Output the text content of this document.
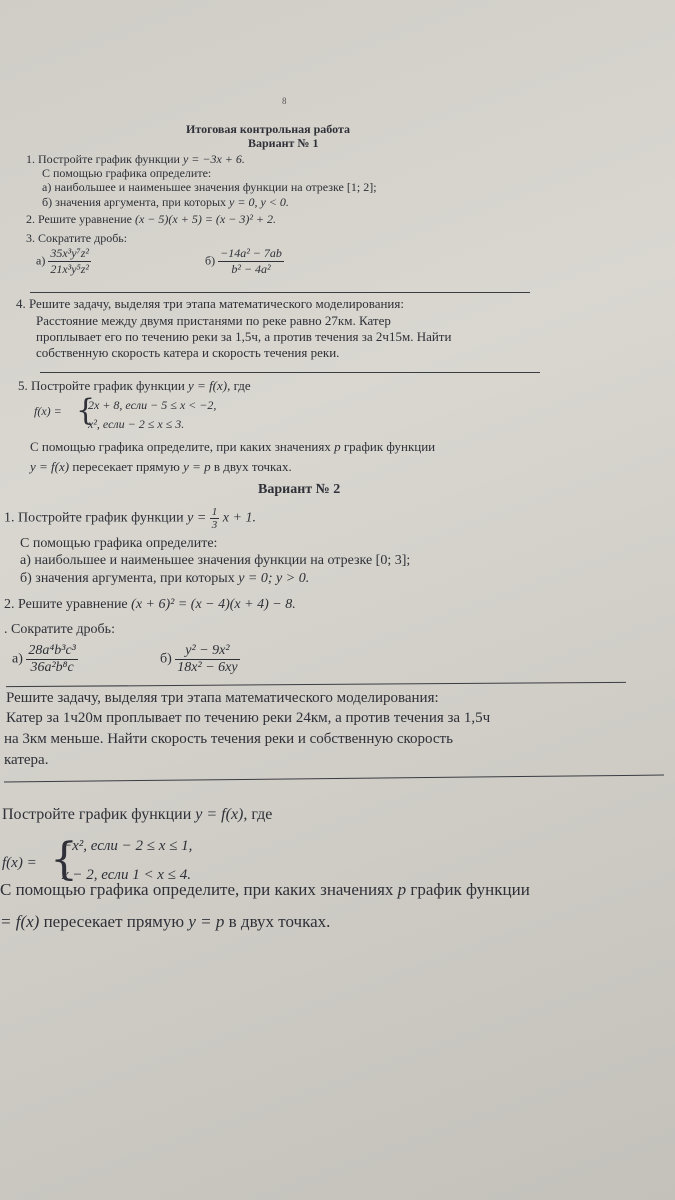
8
Итоговая контрольная работа
Вариант № 1
1. Постройте график функции y = −3x + 6.
С помощью графика определите:
а) наибольшее и наименьшее значения функции на отрезке [1; 2];
б) значения аргумента, при которых y = 0, y < 0.
2. Решите уравнение (x − 5)(x + 5) = (x − 3)² + 2.
3. Сократите дробь:
$а) \frac{\text{35x³y⁷z²}}{\text{21x³y⁵z²}}$	$б) \frac{\text{−14a² − 7ab}}{\text{b² − 4a²}}$
4. Решите задачу, выделяя три этапа математического моделирования:
Расстояние между двумя пристанями по реке равно 27км. Катер
проплывает его по течению реки за 1,5ч, а против течения за 2ч15м. Найти
собственную скорость катера и скорость течения реки.
5. Постройте график функции y = f(x), где
f(x) = {
2x + 8, если − 5 ≤ x < −2,
x², если − 2 ≤ x ≤ 3.
С помощью графика определите, при каких значениях p график функции
y = f(x) пересекает прямую y = p в двух точках.
Вариант № 2
1. Постройте график функции $y = \frac{1}{3}$ x + 1.
С помощью графика определите:
а) наибольшее и наименьшее значения функции на отрезке [0; 3];
б) значения аргумента, при которых y = 0; y > 0.
2. Решите уравнение (x + 6)² = (x − 4)(x + 4) − 8.
. Сократите дробь:
$а) \frac{\text{28a⁴b³c³}}{\text{36a²b⁸c}}$	$б) \frac{\text{y² − 9x²}}{\text{18x² − 6xy}}$
Решите задачу, выделяя три этапа математического моделирования:
Катер за 1ч20м проплывает по течению реки 24км, а против течения за 1,5ч
на 3км меньше. Найти скорость течения реки и собственную скорость
катера.
Постройте график функции y = f(x), где
f(x) = {
−x², если − 2 ≤ x ≤ 1,
x − 2, если 1 < x ≤ 4.
С помощью графика определите, при каких значениях p график функции
= f(x) пересекает прямую y = p в двух точках.
